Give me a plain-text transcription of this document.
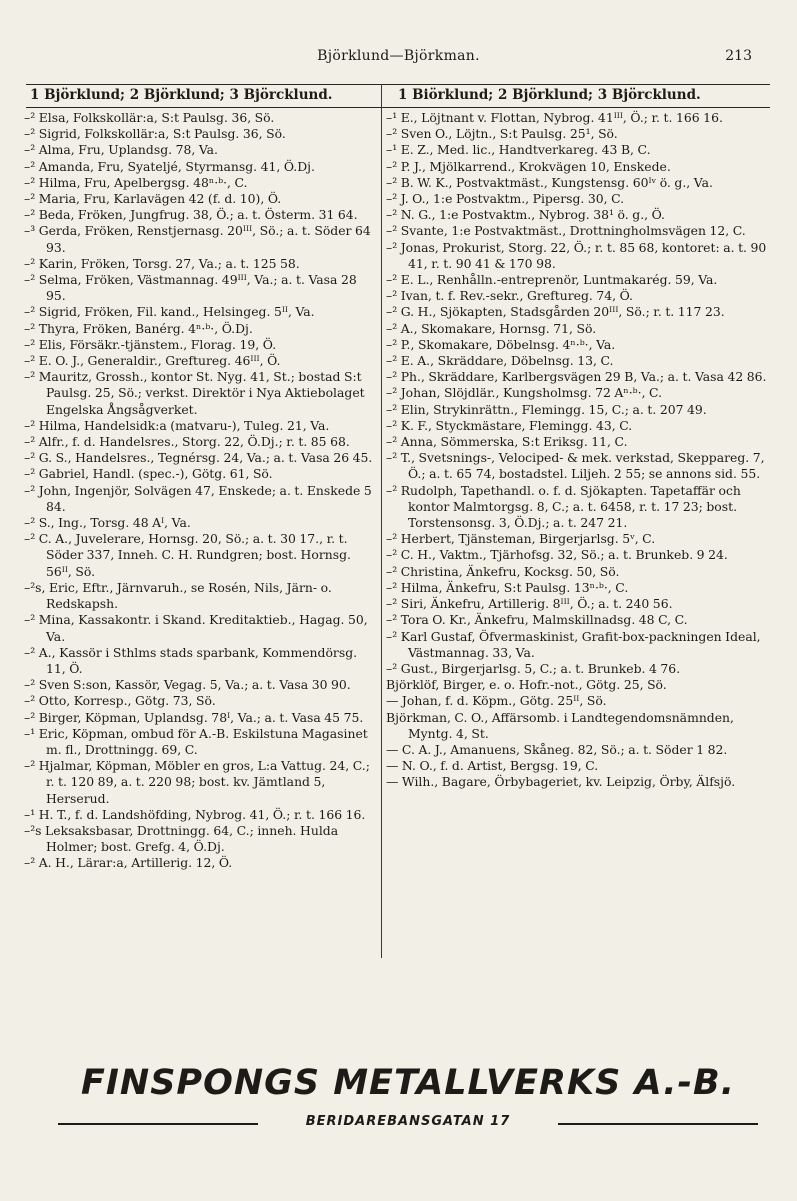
Björklund—Björkman.	213
1 Björklund; 2 Björklund; 3 Björcklund.	1 Biörklund; 2 Björklund; 3 Björcklund.
–² Elsa, Folkskollär:a, S:t Paulsg. 36, Sö.
–² Sigrid, Folkskollär:a, S:t Paulsg. 36, Sö.
–² Alma, Fru, Uplandsg. 78, Va.
–² Amanda, Fru, Syateljé, Styrmansg. 41, Ö.Dj.
–² Hilma, Fru, Apelbergsg. 48ⁿ·ᵇ·, C.
–² Maria, Fru, Karlavägen 42 (f. d. 10), Ö.
–² Beda, Fröken, Jungfrug. 38, Ö.; a. t. Österm. 31 64.
–³ Gerda, Fröken, Renstjernasg. 20ᴵᴵᴵ, Sö.; a. t. Söder 64 93.
–² Karin, Fröken, Torsg. 27, Va.; a. t. 125 58.
–² Selma, Fröken, Västmannag. 49ᴵᴵᴵ, Va.; a. t. Vasa 28 95.
–² Sigrid, Fröken, Fil. kand., Helsingeg. 5ᴵᴵ, Va.
–² Thyra, Fröken, Banérg. 4ⁿ·ᵇ·, Ö.Dj.
–² Elis, Försäkr.-tjänstem., Florag. 19, Ö.
–² E. O. J., Generaldir., Greftureg. 46ᴵᴵᴵ, Ö.
–² Mauritz, Grossh., kontor St. Nyg. 41, St.; bostad S:t Paulsg. 25, Sö.; verkst. Direktör i Nya Aktiebolaget Engelska Ångsågverket.
–² Hilma, Handelsidk:a (matvaru-), Tuleg. 21, Va.
–² Alfr., f. d. Handelsres., Storg. 22, Ö.Dj.; r. t. 85 68.
–² G. S., Handelsres., Tegnérsg. 24, Va.; a. t. Vasa 26 45.
–² Gabriel, Handl. (spec.-), Götg. 61, Sö.
–² John, Ingenjör, Solvägen 47, Enskede; a. t. Enskede 5 84.
–² S., Ing., Torsg. 48 Aᴵ, Va.
–² C. A., Juvelerare, Hornsg. 20, Sö.; a. t. 30 17., r. t. Söder 337, Inneh. C. H. Rundgren; bost. Hornsg. 56ᴵᴵ, Sö.
–²s, Eric, Eftr., Järnvaruh., se Rosén, Nils, Järn- o. Redskapsh.
–² Mina, Kassakontr. i Skand. Kreditaktieb., Hagag. 50, Va.
–² A., Kassör i Sthlms stads sparbank, Kommendörsg. 11, Ö.
–² Sven S:son, Kassör, Vegag. 5, Va.; a. t. Vasa 30 90.
–² Otto, Korresp., Götg. 73, Sö.
–² Birger, Köpman, Uplandsg. 78ᴵ, Va.; a. t. Vasa 45 75.
–¹ Eric, Köpman, ombud för A.-B. Eskilstuna Magasinet m. fl., Drottningg. 69, C.
–² Hjalmar, Köpman, Möbler en gros, L:a Vattug. 24, C.; r. t. 120 89, a. t. 220 98; bost. kv. Jämtland 5, Herserud.
–¹ H. T., f. d. Landshöfding, Nybrog. 41, Ö.; r. t. 166 16.
–²s Leksaksbasar, Drottningg. 64, C.; inneh. Hulda Holmer; bost. Grefg. 4, Ö.Dj.
–² A. H., Lärar:a, Artillerig. 12, Ö.
–¹ E., Löjtnant v. Flottan, Nybrog. 41ᴵᴵᴵ, Ö.; r. t. 166 16.
–² Sven O., Löjtn., S:t Paulsg. 25¹, Sö.
–¹ E. Z., Med. lic., Handtverkareg. 43 B, C.
–² P. J., Mjölkarrend., Krokvägen 10, Enskede.
–² B. W. K., Postvaktmäst., Kungstensg. 60ᴵᵛ ö. g., Va.
–² J. O., 1:e Postvaktm., Pipersg. 30, C.
–² N. G., 1:e Postvaktm., Nybrog. 38¹ ö. g., Ö.
–² Svante, 1:e Postvaktmäst., Drottningholmsvägen 12, C.
–² Jonas, Prokurist, Storg. 22, Ö.; r. t. 85 68, kontoret: a. t. 90 41, r. t. 90 41 & 170 98.
–² E. L., Renhålln.-entreprenör, Luntmakarég. 59, Va.
–² Ivan, t. f. Rev.-sekr., Greftureg. 74, Ö.
–² G. H., Sjökapten, Stadsgården 20ᴵᴵᴵ, Sö.; r. t. 117 23.
–² A., Skomakare, Hornsg. 71, Sö.
–² P., Skomakare, Döbelnsg. 4ⁿ·ᵇ·, Va.
–² E. A., Skräddare, Döbelnsg. 13, C.
–² Ph., Skräddare, Karlbergsvägen 29 B, Va.; a. t. Vasa 42 86.
–² Johan, Slöjdlär., Kungsholmsg. 72 Aⁿ·ᵇ·, C.
–² Elin, Strykinrättn., Flemingg. 15, C.; a. t. 207 49.
–² K. F., Styckmästare, Flemingg. 43, C.
–² Anna, Sömmerska, S:t Eriksg. 11, C.
–² T., Svetsnings-, Velociped- & mek. verkstad, Skeppareg. 7, Ö.; a. t. 65 74, bostadstel. Liljeh. 2 55; se annons sid. 55.
–² Rudolph, Tapethandl. o. f. d. Sjökapten. Tapetaffär och kontor Malmtorgsg. 8, C.; a. t. 6458, r. t. 17 23; bost. Torstensonsg. 3, Ö.Dj.; a. t. 247 21.
–² Herbert, Tjänsteman, Birgerjarlsg. 5ᵛ, C.
–² C. H., Vaktm., Tjärhofsg. 32, Sö.; a. t. Brunkeb. 9 24.
–² Christina, Änkefru, Kocksg. 50, Sö.
–² Hilma, Änkefru, S:t Paulsg. 13ⁿ·ᵇ·, C.
–² Siri, Änkefru, Artillerig. 8ᴵᴵᴵ, Ö.; a. t. 240 56.
–² Tora O. Kr., Änkefru, Malmskillnadsg. 48 C, C.
–² Karl Gustaf, Öfvermaskinist, Grafit-box-packningen Ideal, Västmannag. 33, Va.
–² Gust., Birgerjarlsg. 5, C.; a. t. Brunkeb. 4 76.
Björklöf, Birger, e. o. Hofr.-not., Götg. 25, Sö.
— Johan, f. d. Köpm., Götg. 25ᴵᴵ, Sö.
Björkman, C. O., Affärsomb. i Landtegendomsnämnden, Myntg. 4, St.
— C. A. J., Amanuens, Skåneg. 82, Sö.; a. t. Söder 1 82.
— N. O., f. d. Artist, Bergsg. 19, C.
— Wilh., Bagare, Örbybageriet, kv. Leipzig, Örby, Älfsjö.
FINSPONGS METALLVERKS A.-B.
BERIDAREBANSGATAN 17
